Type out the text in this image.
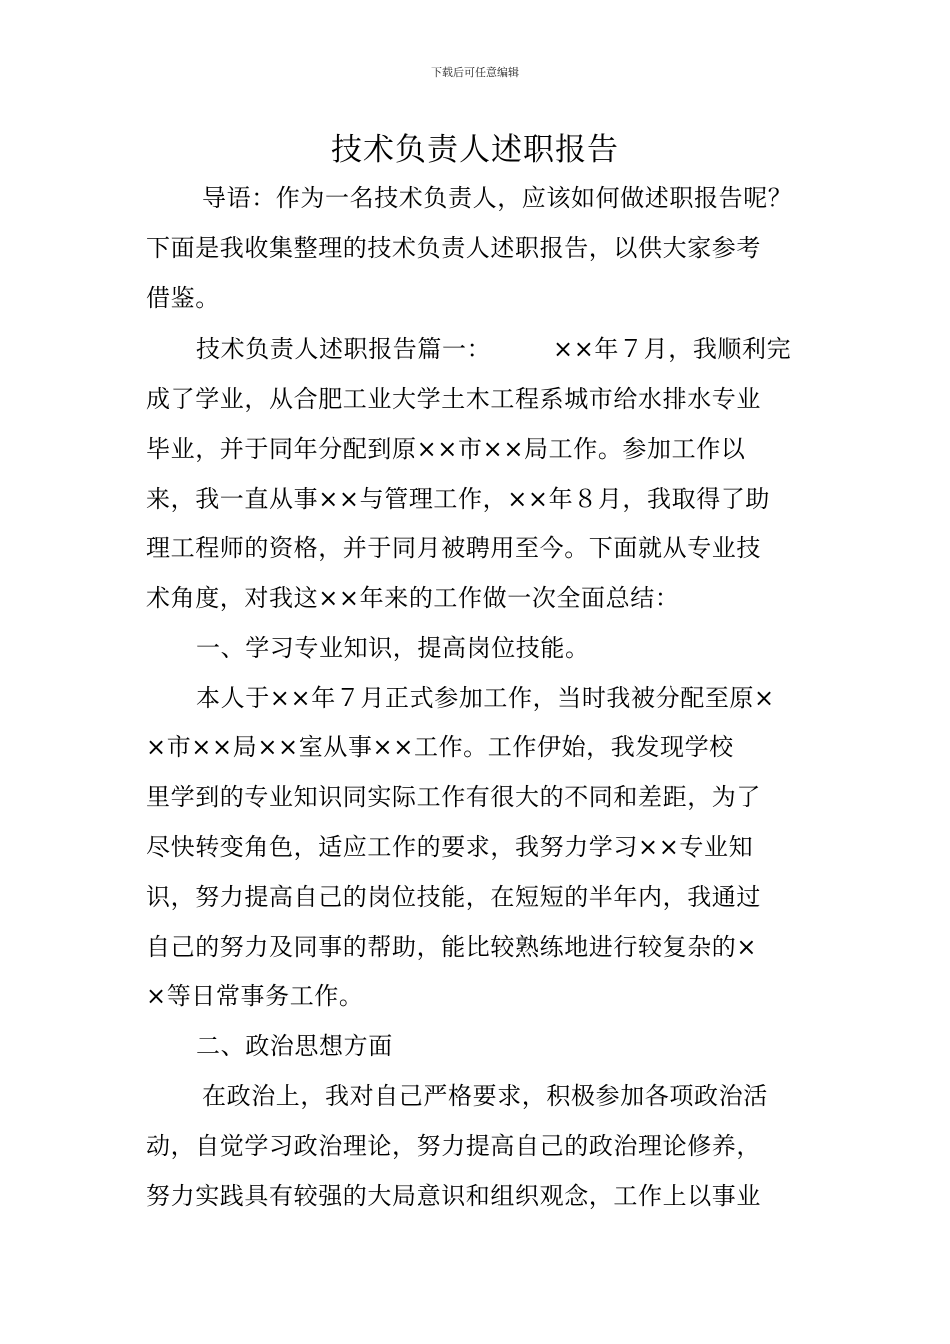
下载后可任意编辑
技术负责人述职报告
导语：作为一名技术负责人，应该如何做述职报告呢？
下面是我收集整理的技术负责人述职报告，以供大家参考
借鉴。
技术负责人述职报告篇一：　　　××年７月，我顺利完
成了学业，从合肥工业大学土木工程系城市给水排水专业
毕业，并于同年分配到原××市××局工作。参加工作以
来，我一直从事××与管理工作，××年８月，我取得了助
理工程师的资格，并于同月被聘用至今。下面就从专业技
术角度，对我这××年来的工作做一次全面总结：
一、学习专业知识，提高岗位技能。
本人于××年７月正式参加工作，当时我被分配至原×
×市××局××室从事××工作。工作伊始，我发现学校
里学到的专业知识同实际工作有很大的不同和差距，为了
尽快转变角色，适应工作的要求，我努力学习××专业知
识，努力提高自己的岗位技能，在短短的半年内，我通过
自己的努力及同事的帮助，能比较熟练地进行较复杂的×
×等日常事务工作。
二、政治思想方面
在政治上，我对自己严格要求，积极参加各项政治活
动，自觉学习政治理论，努力提高自己的政治理论修养，
努力实践具有较强的大局意识和组织观念，工作上以事业
